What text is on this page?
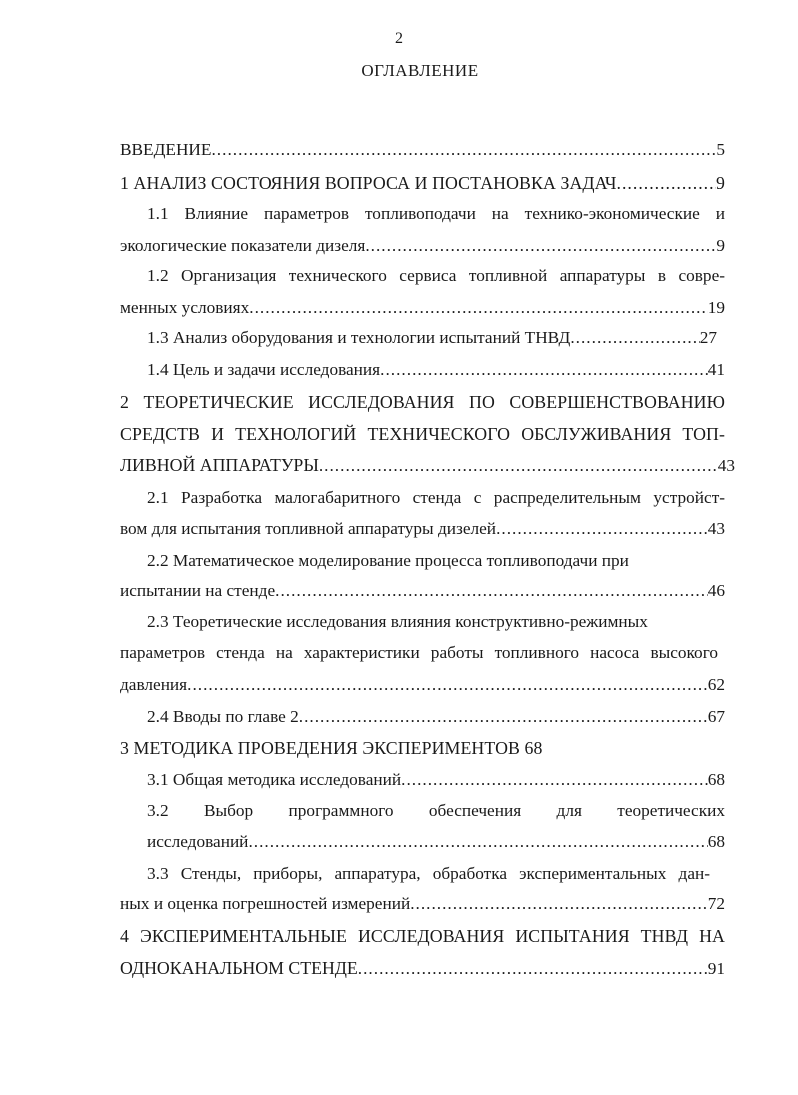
2
ОГЛАВЛЕНИЕ
ВВЕДЕНИЕ .....	5
1 АНАЛИЗ СОСТОЯНИЯ ВОПРОСА И ПОСТАНОВКА ЗАДАЧ .....	9
1.1 Влияние параметров топливоподачи на технико-экономические и
экологические показатели дизеля .....	9
1.2 Организация технического сервиса топливной аппаратуры в совре-
менных условиях .....	19
1.3 Анализ оборудования и технологии испытаний ТНВД .....	27
1.4 Цель и задачи исследования .....	41
2 ТЕОРЕТИЧЕСКИЕ ИССЛЕДОВАНИЯ ПО СОВЕРШЕНСТВОВАНИЮ
СРЕДСТВ И ТЕХНОЛОГИЙ ТЕХНИЧЕСКОГО ОБСЛУЖИВАНИЯ ТОП-
ЛИВНОЙ АППАРАТУРЫ .....	43
2.1 Разработка малогабаритного стенда с распределительным устройст-
вом для испытания топливной аппаратуры дизелей .....	43
2.2 Математическое моделирование процесса топливоподачи при
испытании на стенде .....	46
2.3 Теоретические исследования влияния конструктивно-режимных
параметров стенда на характеристики работы топливного насоса высокого
давления .....	62
2.4 Вводы по главе 2 .....	67
3 МЕТОДИКА ПРОВЕДЕНИЯ ЭКСПЕРИМЕНТОВ 68
3.1 Общая методика исследований .....	68
3.2 Выбор программного обеспечения для теоретических
исследований .....	68
3.3 Стенды, приборы, аппаратура, обработка экспериментальных дан-
ных и оценка погрешностей измерений .....	72
4 ЭКСПЕРИМЕНТАЛЬНЫЕ ИССЛЕДОВАНИЯ ИСПЫТАНИЯ ТНВД НА
ОДНОКАНАЛЬНОМ СТЕНДЕ .....	91
